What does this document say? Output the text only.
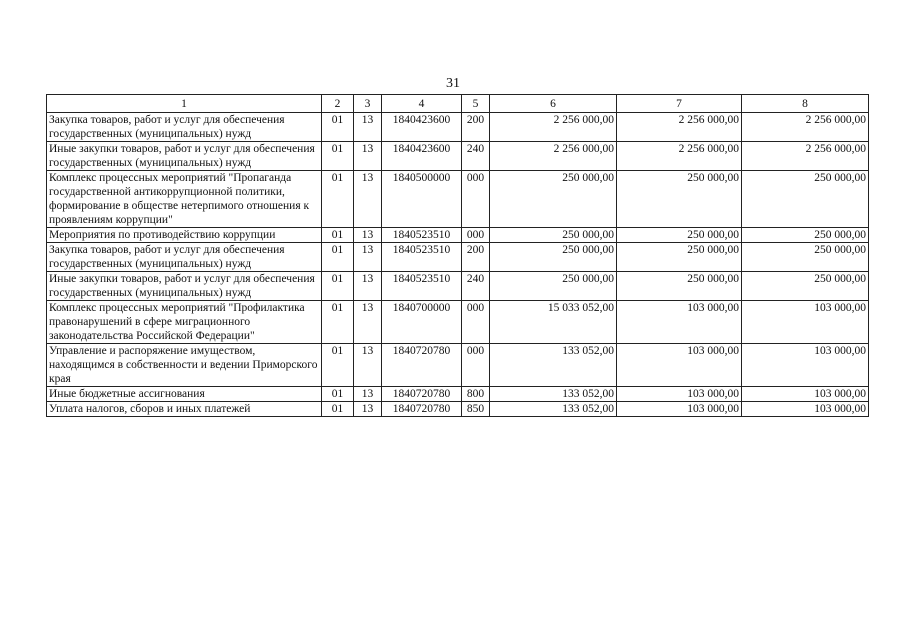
31
1	2	3	4	5	6	7	8
Закупка товаров, работ и услуг для обеспечения государственных (муниципальных) нужд	01	13	1840423600	200	2 256 000,00	2 256 000,00	2 256 000,00
Иные закупки товаров, работ и услуг для обеспечения государственных (муниципальных) нужд	01	13	1840423600	240	2 256 000,00	2 256 000,00	2 256 000,00
Комплекс процессных мероприятий "Пропаганда государственной антикоррупционной политики, формирование в обществе нетерпимого отношения к проявлениям коррупции"	01	13	1840500000	000	250 000,00	250 000,00	250 000,00
Мероприятия по противодействию коррупции	01	13	1840523510	000	250 000,00	250 000,00	250 000,00
Закупка товаров, работ и услуг для обеспечения государственных (муниципальных) нужд	01	13	1840523510	200	250 000,00	250 000,00	250 000,00
Иные закупки товаров, работ и услуг для обеспечения государственных (муниципальных) нужд	01	13	1840523510	240	250 000,00	250 000,00	250 000,00
Комплекс процессных мероприятий "Профилактика правонарушений в сфере миграционного законодательства Российской Федерации"	01	13	1840700000	000	15 033 052,00	103 000,00	103 000,00
Управление и распоряжение имуществом, находящимся в собственности и ведении Приморского края	01	13	1840720780	000	133 052,00	103 000,00	103 000,00
Иные бюджетные ассигнования	01	13	1840720780	800	133 052,00	103 000,00	103 000,00
Уплата налогов, сборов и иных платежей	01	13	1840720780	850	133 052,00	103 000,00	103 000,00
